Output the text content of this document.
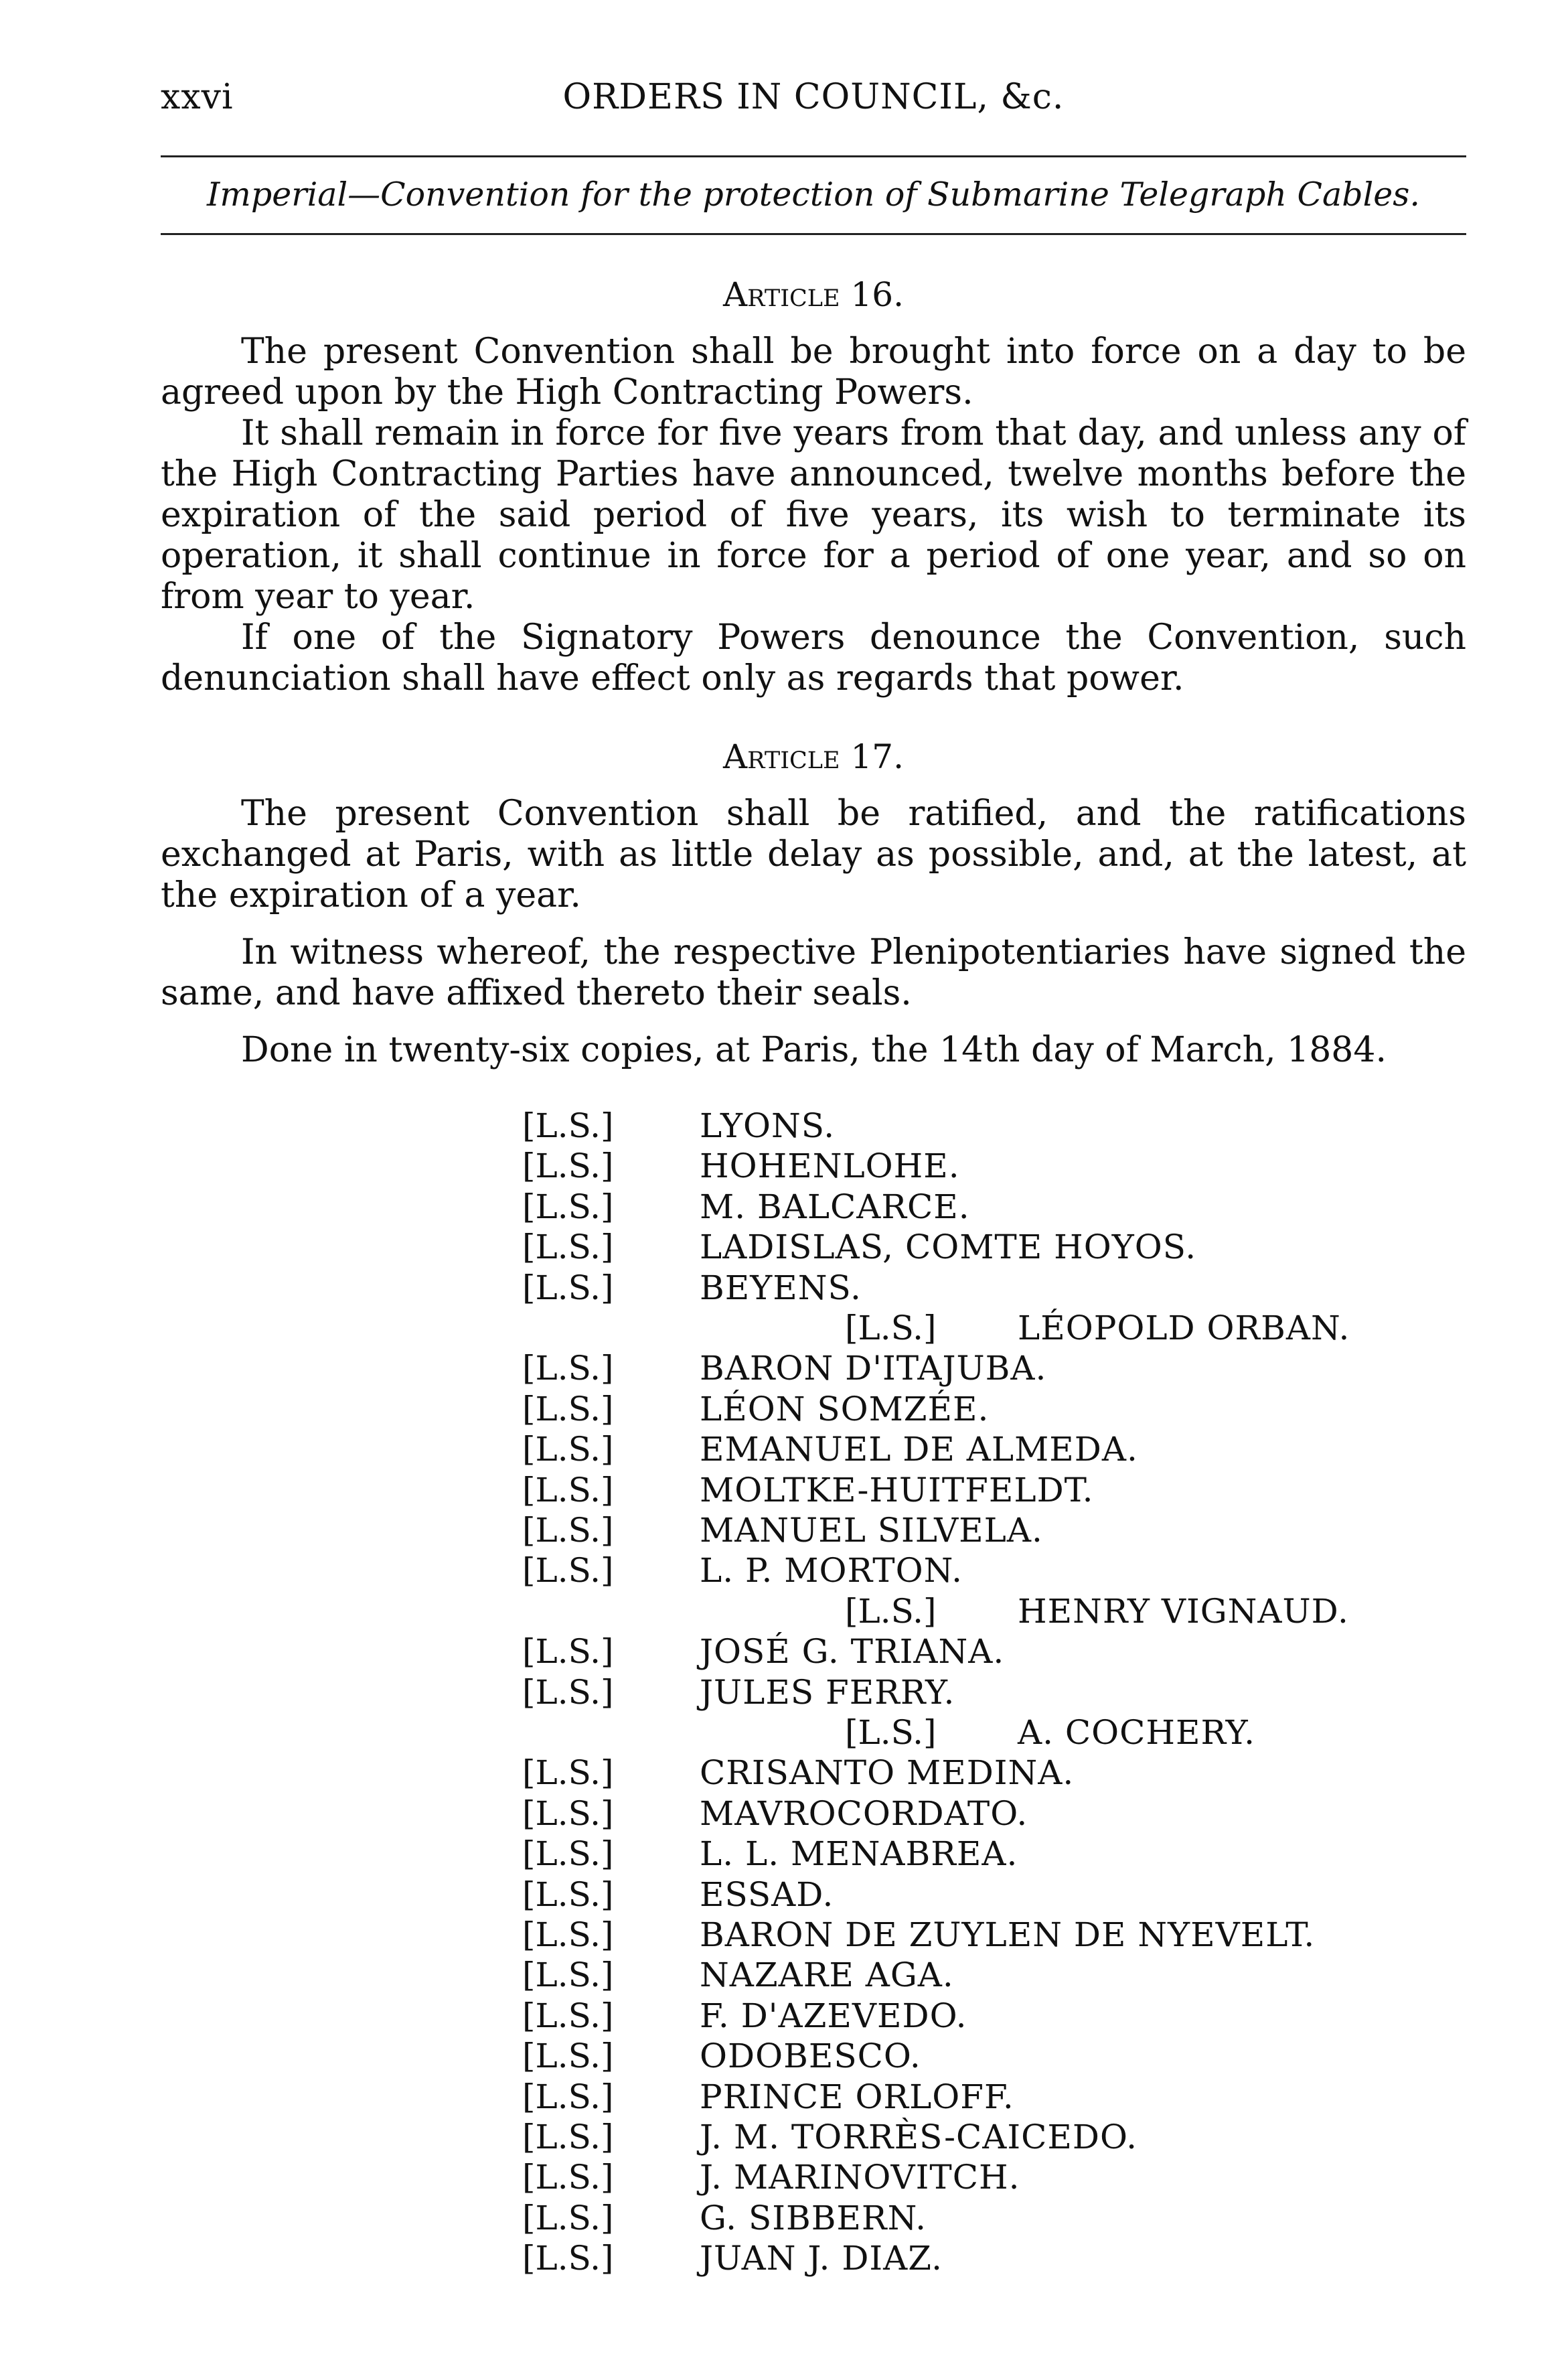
xxvi	ORDERS IN COUNCIL, &c.
Imperial—Convention for the protection of Submarine Telegraph Cables.
Article 16.

The present Convention shall be brought into force on a day to be agreed upon by the High Contracting Powers.

It shall remain in force for five years from that day, and unless any of the High Contracting Parties have announced, twelve months before the expiration of the said period of five years, its wish to terminate its operation, it shall continue in force for a period of one year, and so on from year to year.

If one of the Signatory Powers denounce the Convention, such denunciation shall have effect only as regards that power.

Article 17.

The present Convention shall be ratified, and the ratifications exchanged at Paris, with as little delay as possible, and, at the latest, at the expiration of a year.

In witness whereof, the respective Plenipotentiaries have signed the same, and have affixed thereto their seals.

Done in twenty-six copies, at Paris, the 14th day of March, 1884.

[L.S.]	LYONS.
[L.S.]	HOHENLOHE.
[L.S.]	M. BALCARCE.
[L.S.]	LADISLAS, COMTE HOYOS.
[L.S.]	BEYENS.
[L.S.] LÉOPOLD ORBAN.
[L.S.]	BARON D'ITAJUBA.
[L.S.]	LÉON SOMZÉE.
[L.S.]	EMANUEL DE ALMEDA.
[L.S.]	MOLTKE-HUITFELDT.
[L.S.]	MANUEL SILVELA.
[L.S.]	L. P. MORTON.
[L.S.] HENRY VIGNAUD.
[L.S.]	JOSÉ G. TRIANA.
[L.S.]	JULES FERRY.
[L.S.] A. COCHERY.
[L.S.]	CRISANTO MEDINA.
[L.S.]	MAVROCORDATO.
[L.S.]	L. L. MENABREA.
[L.S.]	ESSAD.
[L.S.]	BARON DE ZUYLEN DE NYEVELT.
[L.S.]	NAZARE AGA.
[L.S.]	F. D'AZEVEDO.
[L.S.]	ODOBESCO.
[L.S.]	PRINCE ORLOFF.
[L.S.]	J. M. TORRÈS-CAICEDO.
[L.S.]	J. MARINOVITCH.
[L.S.]	G. SIBBERN.
[L.S.]	JUAN J. DIAZ.
